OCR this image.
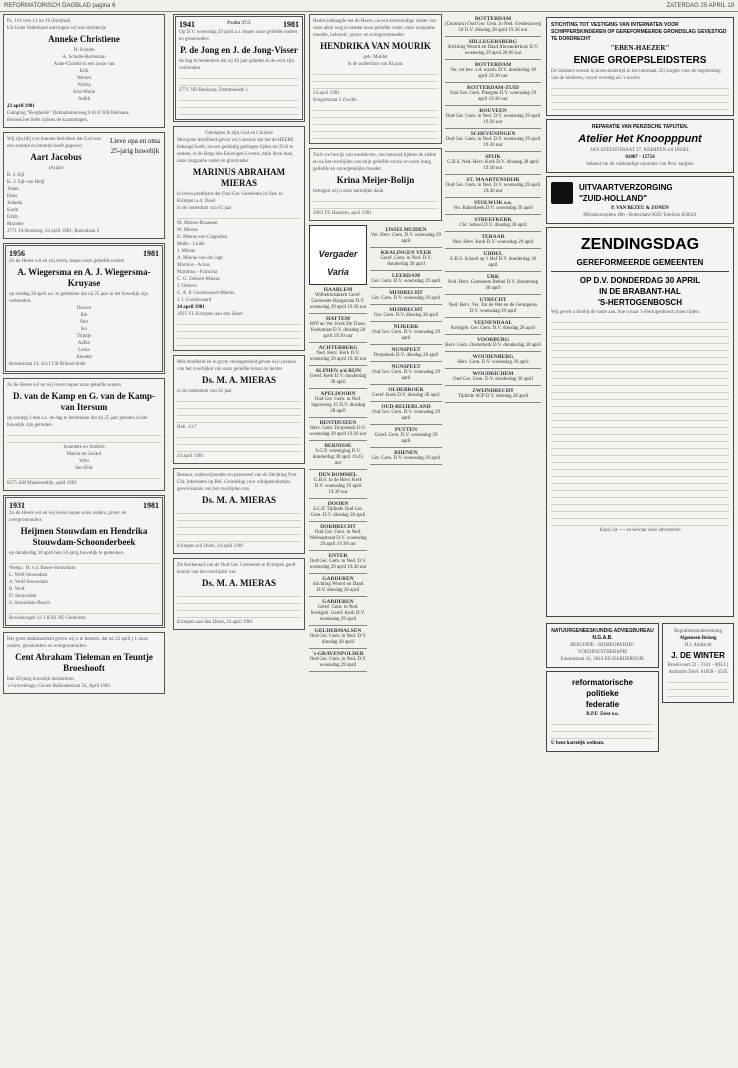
REFORMATORISCH DAGBLAD pagina 6	ZATERDAG 25 APRIL 19

Ps. 119 vers 13 tot 16 (berijmd)

Uit Gods Vaderhand ontvingen wij ons dochtertje

Anneke Christiene

H. Schulte

A. Schulte-Bornsman

Anne-Christie is een zusje van

Erik

Werner

Wilma

Arie-Marie

Judith

23 april 1981

Gamping "Berghelde" Dalmabuitenweg 6 8147 RB Helmans

Bezoek het liefst tijdens de kraamdagen.

Wij zijn blij u te kunnen berichten dat God ons een zoontje en broertje heeft gegeven

Aart Jacobus

(Arjan)

B. J. Sijl

K. J. Sijl-van Heijl

Johan

Hans

Jolanda

Karin

Edith

Marieke

2771 JA Boskoop, 24 april 1981, Rozenlaan 2

Lieve opa en oma

25-jarig huwelijk

1956	1981

Zo de Heere wil en wij leven, hopen onze geliefde ouders

A. Wiegersma en A. J. Wiegersma-Kruyase

op zondag 26 april a.s. te gedenken dat zij 25 jaar in het huwelijk zijn verbonden.

Douwe

Rie

Piet

Ko

Trijntje

Aafke

Lenie

Annette

Broekstraat 14, 4411 CB Rilland-Bath

Zo de Heere wil en wij leven hopen onze geliefde ouders

D. van de Kamp en G. van de Kamp-van Itersum

op zondag 3 mei a.s. de dag te herdenken dat zij 25 jaar geleden in het huwelijk zijn getreden.

Jeannette en Andries

Martin en Gerard

Wim

Jan-Dirk

8275 AM Maartensdijk, april 1981

1931	1981

Zo de Heere wil en wij leven hopen onze ouders, groot- en overgrootouders

Heijmen Stouwdam en Hendrika Stouwdam-Schoonderbeek

op donderdag 30 april hun 50-jarig huwelijk te gedenken.

Wemp.: H. v.d. Bosse-Stouwdam

L. Wolf-Stouwdam

A. Wolf-Stouwdam

B. Wolf

D. Stouwdam

S. Stouwdam-Bosch

Bovenkragen 12 2 8501 PE Giethoorn

Het grote dankbaarheid geven wij u te kennen, dat op 22 april j.l. onze ouders, grootouders en overgrootouders

Cent Abraham Tieleman en Teuntje Broeshooft

hun 50-jarig huwelijk herdachten.

's-Gravenhage, Goven Balhoekstraat 54, April 1981

1941	Psalm 37:5	1981

Op D.V. woensdag 29 april a.s. hopen onze geliefde ouders en grootouders

P. de Jong en J. de Jong-Visser

de dag te herdenken dat zij 40 jaar geleden in de echt zijn verbonden.

2771 ND Boskoop, Dammekade 1

Ontslapen in zijn God en Christus

Met grote droefheid geven wij u kennis dat het de HEERE behaagd heeft, na een geduldig gedragen lijden tot Zich te nemen, in de Hoge des Eeuwigen Levens, mijn lieve man, onze zorgzame vader en grootvader

MARINUS ABRAHAM MIERAS

in leven predikant der Oud Ger. Gemeente in Ned. te Krimpen a.d. IJssel

in de ouderdom van 65 jaar

M. Mieras-Klaassen

W. Mieras

D. Mieras-van Cappellen

Malle - Linda

J. Mieras

A. Mieras-van der Jagt

Marinus - Arnus

Maritima - Francina

C. G. Ooborn-Mieras

J. Ooborn

C. A. P. Goudswaard-Mieras

J. J. Goudswaard

24 april 1981

2925 VL Krimpen aan den IJssel

Met droefheid en in grote verslagenheid geven wij u kennis van het overlijden van onze geliefde leraar en herder

Ds. M. A. MIERAS

in de ouderdom van 65 jaar

Heb. 13:7

24 april 1981

Bestuur, onderwijzenden en personeel van de Stichting Prot. Chr. Internaten op Ref. Grondslag voor schippersdiertjes geven kennis van het overlijden van

Ds. M. A. MIERAS

Krimpen a/d IJssel, 24 april 1981

De Kerkeraad van de Oud Ger. Gemeente te Krimpen geeft kennis van het overlijden van

Ds. M. A. MIERAS

Krimpen aan den IJssel, 24 april 1981

Heden behaagde het de Heere, na een kortstondige ziekte van onze allen weg te nemen onze geliefde vader, onze zorgzame moeder, behuwd-, groot- en overgrootmoeder

HENDRIKA VAN MOURIK

geb. Mulder

in de ouderdom van 84 jaar.

24 april 1981

Ringerstraat 2 Zwolle

Toch we bewijs van medeleven, ons betoond tijdens de ziekte en na het overlijden van mijn geliefde vrouw en onze innig geliefde en onvergetelijke moeder,

Krina Meijer-Bolijn

betuigen wij u onze hartelijke dank.

2003 TE Haarlem, april 1981

Vergader Varia
HAARLEM
Wilhelminakerk Geref. Gemeente Rangstraat D.V. woensdag 29 april 19.30 uur
HATTEM
BFP en Ver. Kerk De Tinne, Kerkstraat D.V. dinsdag 28 april 19.30 uur
ACHTERBERG
Ned. Herv. Kerk D.V. woensdag 29 april 19.30 uur
ALPHEN a/d RIJN
Geref. Kerk D.V. donderdag 30 april
APELDOORN
Oud Ger. Gem. in Ned. Jagersweg 15 D.V. dinsdag 28 april
BENTHUIZEN
Herv. Gem. Dorpskerk D.V. woensdag 29 april 19.30 uur
BERNISSE
S.G.P. vereniging D.V. donderdag 30 april 19.45 uur
DEN BOMMEL
G.B.S. in de Herv. Kerk D.V. woensdag 29 april 19.30 uur
DOORN
S.G.P. Tijdinde Oud Ger. Gem. D.V. dinsdag 28 april
DORDRECHT
Oud Ger. Gem. in Ned. Weihaastraat D.V. woensdag 29 april 19.30 uur
ENTER
Oud Ger. Gem. in Ned. D.V. woensdag 29 april 19.30 uur
GARDEREN
Stichting Woord en Daad D.V. dinsdag 28 april
GARDEREN
Geref. Gem. in Ned. Kerkgeb. Geref. Kerk D.V. woensdag 29 april
GELDERMALSEN
Oud Ger. Gem. in Ned. D.V. dinsdag 28 april
's-GRAVENPOLDER
Oud Ger. Gem. in Ned. D.V. woensdag 29 april
IJSSELMUIDEN
Ver. Herv. Gem. D.V. woensdag 29 april
KRALINGEN VEER
Geref. Gem. in Ned. D.V. donderdag 30 april
LEERDAM
Ger. Gem. D.V. woensdag 29 april
MIJDRECHT
Ger. Gem. D.V. woensdag 29 april
MIJDRECHT
Ger. Gem. D.V. dinsdag 28 april
NIJKERK
Oud Ger. Gem. D.V. woensdag 29 april
NUNSPEET
Dorpskerk D.V. dinsdag 28 april
NUNSPEET
Oud Ger. Gem. D.V. woensdag 29 april
OLDEBROEK
Geref. Kerk D.V. dinsdag 28 april
OUD-BEIJERLAND
Oud Ger. Gem. D.V. woensdag 29 april
PUTTEN
Geref. Gem. D.V. woensdag 29 april
RHENEN
Ger. Gem. D.V. woensdag 29 april
ROTTERDAM
(Centrum) Oud Ger. Gem. in Ned. Gerdesiaweg 50 D.V. dinsdag 28 april 19.30 uur
HILLEGERSBERG
Stichting Woord en Daad Alexanderhuis D.V. woensdag 29 april 20.00 uur
ROTTERDAM
Ver. tot bev. v.d. waarh. D.V. donderdag 30 april 19.30 uur
ROTTERDAM-ZUID
Oud Ger. Gem. Pleegste D.V. woensdag 29 april 19.30 uur
ROUVEEN
Oud Ger. Gem. in Ned. D.V. woensdag 29 april 19.30 uur
SCHEVENINGEN
Oud Ger. Gem. in Ned. D.V. woensdag 29 april 19.30 uur
SPIJK
G.B.S. Ned. Herv. Kerk D.V. dinsdag 28 april 19.30 uur
ST. MAARTENSDIJK
Oud Ger. Gem. in Ned. D.V. woensdag 29 april 19.30 uur
STOLWIJK e.o.
Ver. Bakenbeek D.V. woensdag 29 april
STREEFKERK
Chr. School D.V. dinsdag 28 april
TERAAR
Ned. Herv. Kerk D.V. woensdag 29 april
UDDEL
G.B.S. School op 't Hof D.V. donderdag 30 april
URK
Ned. Herv. Gemeente Bethel D.V. donderdag 30 april
UTRECHT
Ned. Herv. Ver. Tot de Wet en de Getuigenis D.V. woensdag 29 april
VEENENDAAL
Kerkgeb. Ger. Gem. D.V. dinsdag 28 april
VOORBURG
Herv. Gem. Oosterkerk D.V. donderdag 30 april
WOUDENBERG
Herv. Gem. D.V. woensdag 29 april
WOUDRICHEM
Oud Ger. Gem. D.V. donderdag 30 april
ZWIJNDRECHT
Tijdzide SGP D.V. dinsdag 28 april

STICHTING TOT VESTIGING VAN INTERNATEN VOOR SCHIPPERSKINDEREN OP GEREFORMEERDE GRONDSLAG GEVESTIGD TE DORDRECHT

"EBEN-HAEZER"

ENIGE GROEPSLEIDSTERS

De leidsters wonen in kostwinstertijd in het internaat. Zij zorgen voor de begeleiding van de kinderen, zowel overdag als 's nachts.

REPARATIE VAN PERZISCHE TAPIJTEN.

Atelier Het Knoopppunt

JAN STEENSTRAAT 37, KRIMPEN a/d IJSSEL

01807 - 15754

bekend om de vakkundige reparatie van Pers. tapijten

UITVAARTVERZORGING

"ZUID-HOLLAND"

P. VAN BEZEU & ZONEN

Mijnsherenplein 40b - Rotterdam-3020 Telefoon 858621

ZENDINGSDAG

GEREFORMEERDE GEMEENTEN

OP D.V. DONDERDAG 30 APRIL

IN DE BRABANT-HAL

'S-HERTOGENBOSCH

Wij geven u hierbij de route aan, hoe u naar 's-Hertogenbosch moet rijden.

Kopij uit ---- en bewaar deze advertentie

NATUURGENEESKUNDIG ADVIESBUREAU N.G.A.B.

IRISCOPIE - HOMEOPATHIE-VOEDINGSTHERAPIE

Emmastraat 43, 3844 ED HARDERWIJK

reformatorische

politieke

federatie

R.P.F. Zeist e.o.

U bent hartelijk welkom.

Begrafenisonderneming

Algemeen Belang

H.I. Ambacht

J. DE WINTER

Bredevoort 22 - 3341 - 0(H.I.) Ambacht Telef. 01858 - 4545
